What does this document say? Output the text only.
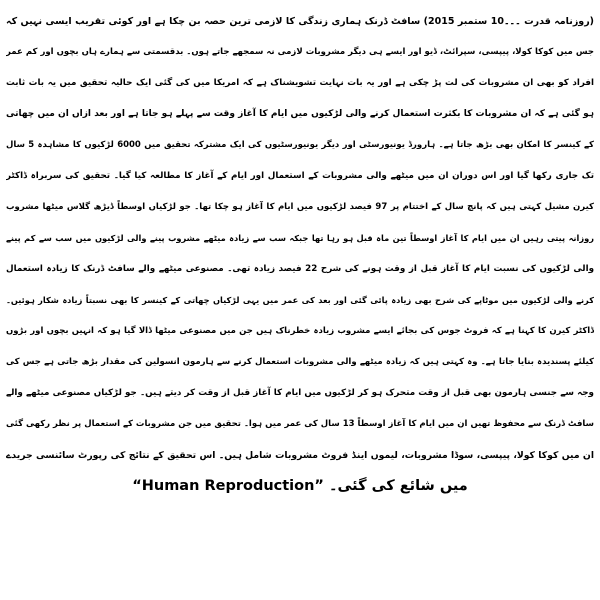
(روزنامہ قدرت ۔۔۔10 ستمبر 2015) سافٹ ڈرنک ہماری زندگی کا لازمی ترین حصہ بن چکا ہے اور کوئی تقریب ایسی نہیں کہ
جس میں کوکا کولا، پیپسی، سپرائٹ، ڈیو اور ایسے ہی دیگر مشروبات لازمی نہ سمجھے جاتے ہوں۔ بدقسمتی سے ہمارے ہاں بچوں اور کم عمر
افراد کو بھی ان مشروبات کی لت پڑ چکی ہے اور یہ بات نہایت تشویشناک ہے کہ امریکا میں کی گئی ایک حالیہ تحقیق میں یہ بات ثابت
ہو گئی ہے کہ ان مشروبات کا بکثرت استعمال کرنے والی لڑکیوں میں ایام کا آغاز وقت سے پہلے ہو جاتا ہے اور بعد ازاں ان میں چھاتی
کے کینسر کا امکان بھی بڑھ جاتا ہے۔ ہارورڈ یونیورسٹی اور دیگر یونیورسٹیوں کی ایک مشترکہ تحقیق میں 6000 لڑکیوں کا مشاہدہ 5 سال
تک جاری رکھا گیا اور اس دوران ان میں میٹھے والی مشروبات کے استعمال اور ایام کے آغاز کا مطالعہ کیا گیا۔ تحقیق کی سربراہ ڈاکٹر
کیرن مشیل کہتی ہیں کہ پانچ سال کے اختتام پر 97 فیصد لڑکیوں میں ایام کا آغاز ہو چکا تھا۔ جو لڑکیاں اوسطاً ڈیڑھ گلاس میٹھا مشروب
روزانہ پیتی رہیں ان میں ایام کا آغاز اوسطاً تین ماہ قبل ہو رہا تھا جبکہ سب سے زیادہ میٹھے مشروب پینے والی لڑکیوں میں سب سے کم پینے
والی لڑکیوں کی نسبت ایام کا آغاز قبل از وقت ہونے کی شرح 22 فیصد زیادہ تھی۔ مصنوعی میٹھے والے سافٹ ڈرنک کا زیادہ استعمال
کرنے والی لڑکیوں میں موٹاپے کی شرح بھی زیادہ پائی گئی اور بعد کی عمر میں یہی لڑکیاں چھاتی کے کینسر کا بھی نسبتاً زیادہ شکار ہوئیں۔
ڈاکٹر کیرن کا کہنا ہے کہ فروٹ جوس کی بجائے ایسے مشروب زیادہ خطرناک ہیں جن میں مصنوعی میٹھا ڈالا گیا ہو کہ انہیں بچوں اور بڑوں
کیلئے پسندیدہ بنایا جاتا ہے۔ وہ کہتی ہیں کہ زیادہ میٹھے والی مشروبات استعمال کرنے سے ہارمون انسولین کی مقدار بڑھ جاتی ہے جس کی
وجہ سے جنسی ہارمون بھی قبل از وقت متحرک ہو کر لڑکیوں میں ایام کا آغاز قبل از وقت کر دیتے ہیں۔ جو لڑکیاں مصنوعی میٹھے والے
سافٹ ڈرنک سے محفوظ تھیں ان میں ایام کا آغاز اوسطاً 13 سال کی عمر میں ہوا۔ تحقیق میں جن مشروبات کے استعمال پر نظر رکھی گئی
ان میں کوکا کولا، پیپسی، سوڈا مشروبات، لیموں اینڈ فروٹ مشروبات شامل ہیں۔ اس تحقیق کے نتائج کی رپورٹ سائنسی جریدے
“Human Reproduction” میں شائع کی گئی۔
